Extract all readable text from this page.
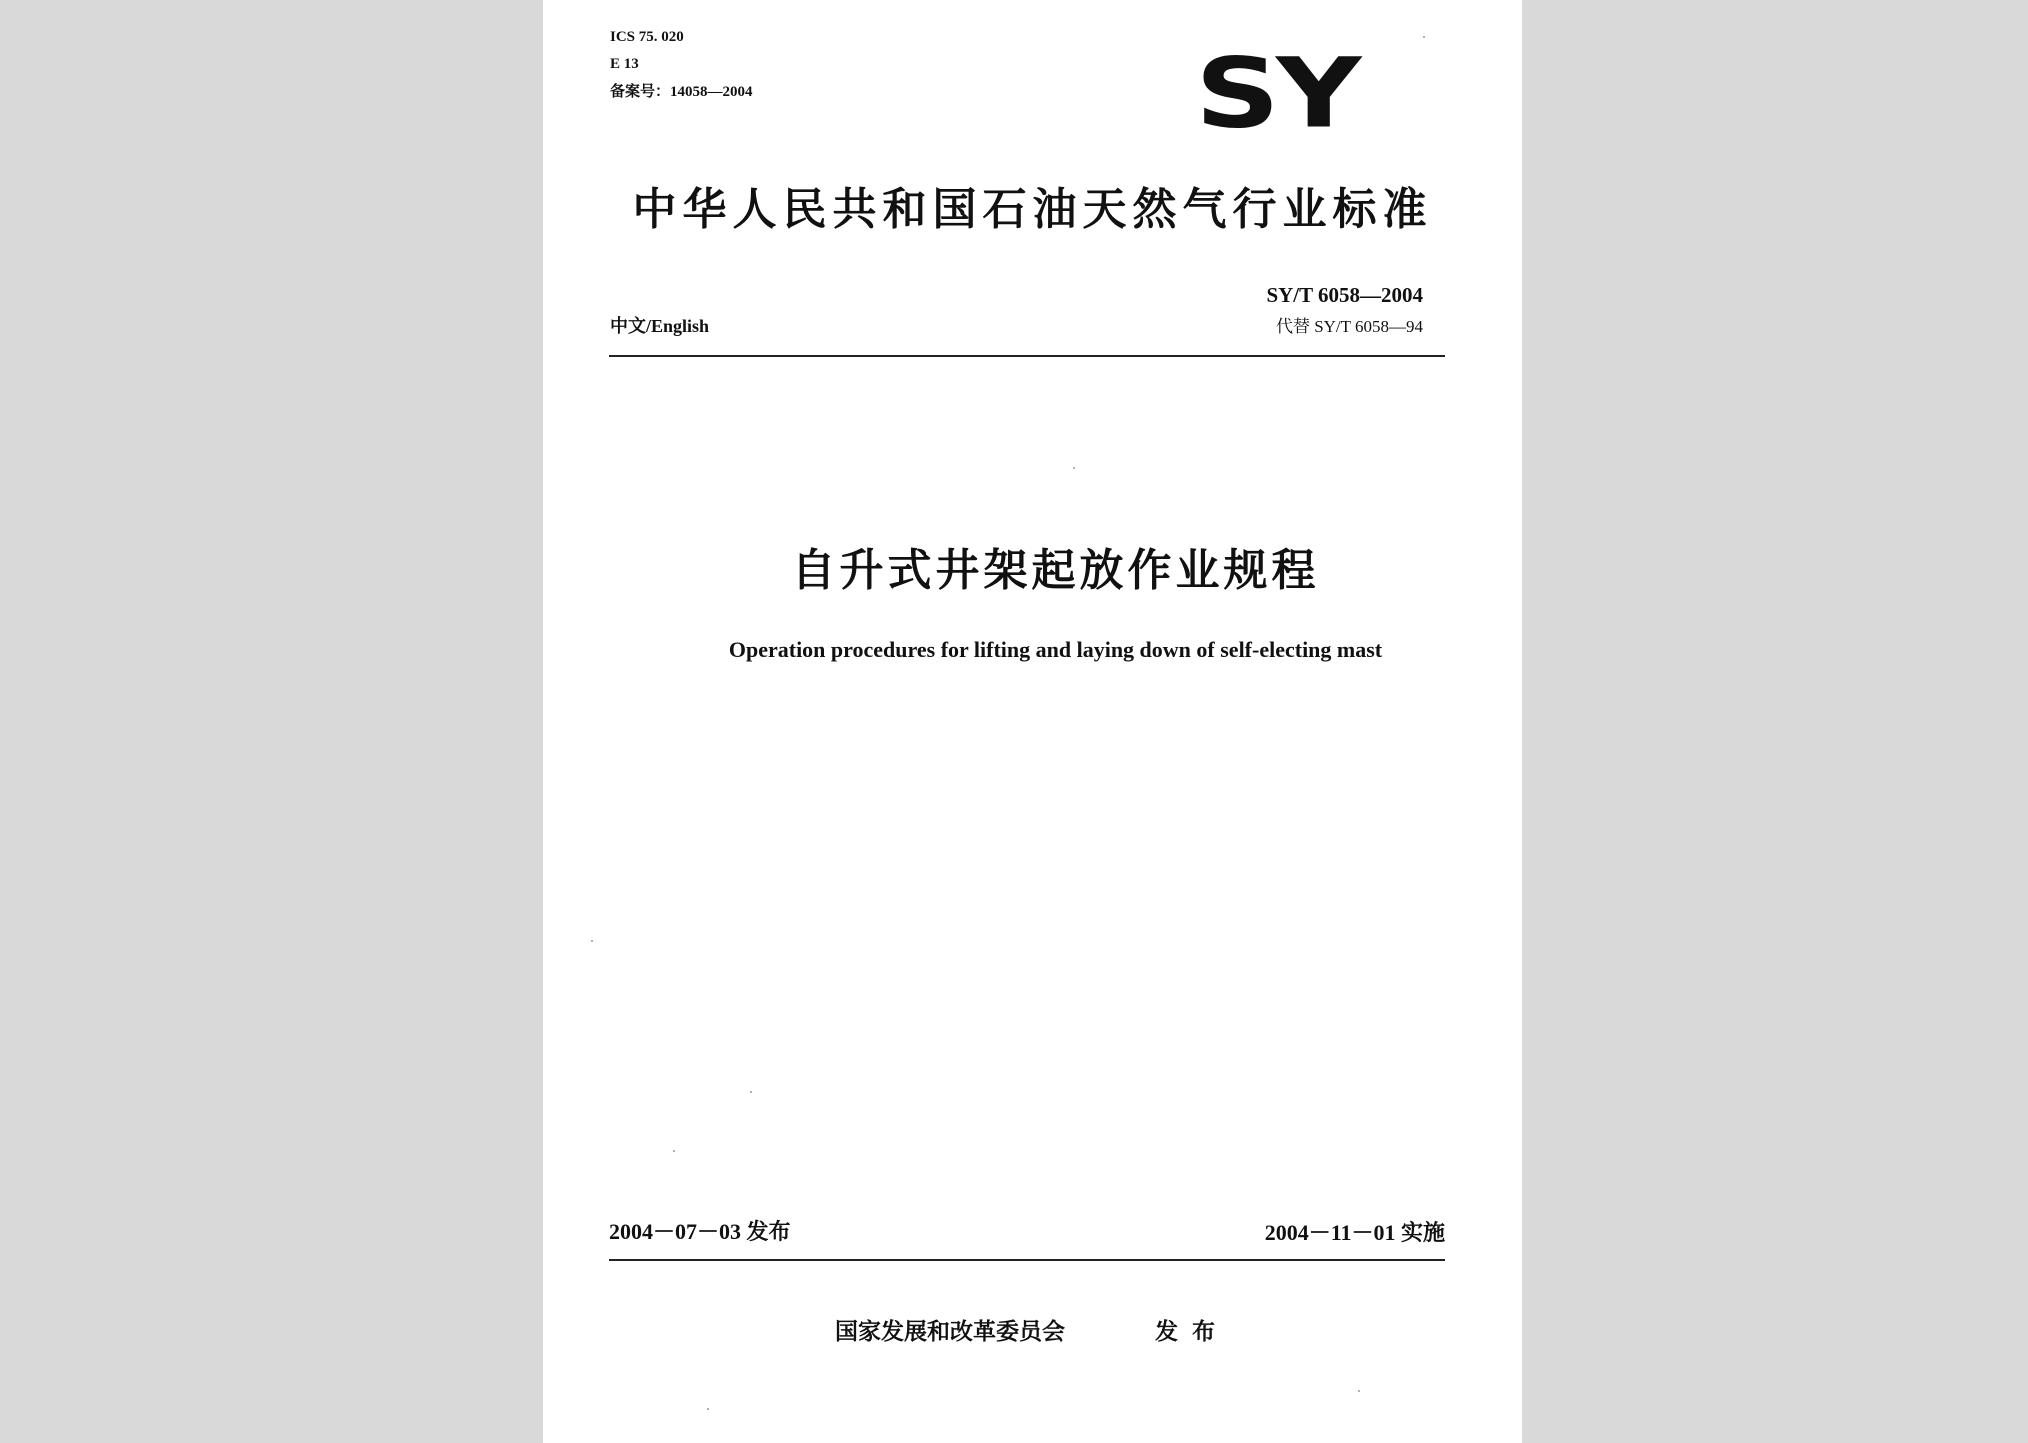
ICS 75. 020
E 13
备案号：14058—2004	SY
中华人民共和国石油天然气行业标准
SY/T 6058—2004
代替 SY/T 6058—94
中文/English
自升式井架起放作业规程
Operation procedures for lifting and laying down of self-electing mast
2004－07－03 发布	2004－11－01 实施
国家发展和改革委员会	发布
